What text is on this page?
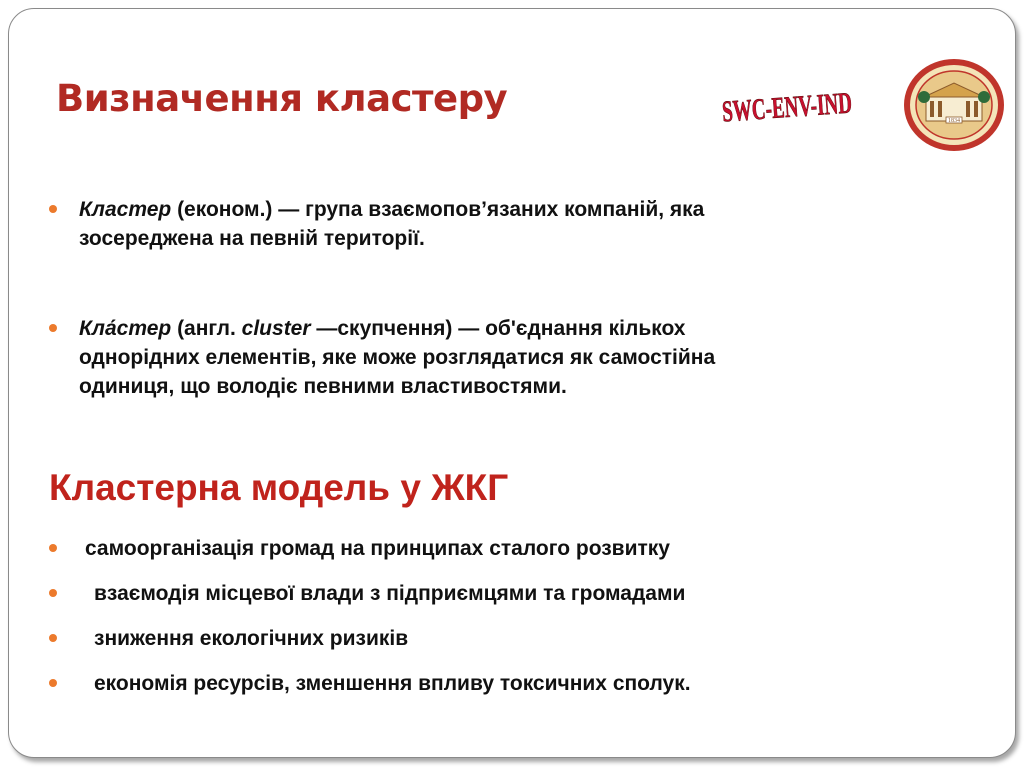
Визначення кластеру	SWC-ENV-IND	1834
Кластер (економ.) — група взаємопов’язаних компаній, яка
зосереджена на певній території.
Кла́стер (англ. cluster —скупчення) — об'єднання кількох
однорідних елементів, яке може розглядатися як самостійна
одиниця, що володіє певними властивостями.
Кластерна модель у ЖКГ
самоорганізація громад на принципах сталого розвитку
взаємодія місцевої влади з підприємцями та громадами
зниження екологічних ризиків
економія ресурсів, зменшення впливу токсичних сполук.
